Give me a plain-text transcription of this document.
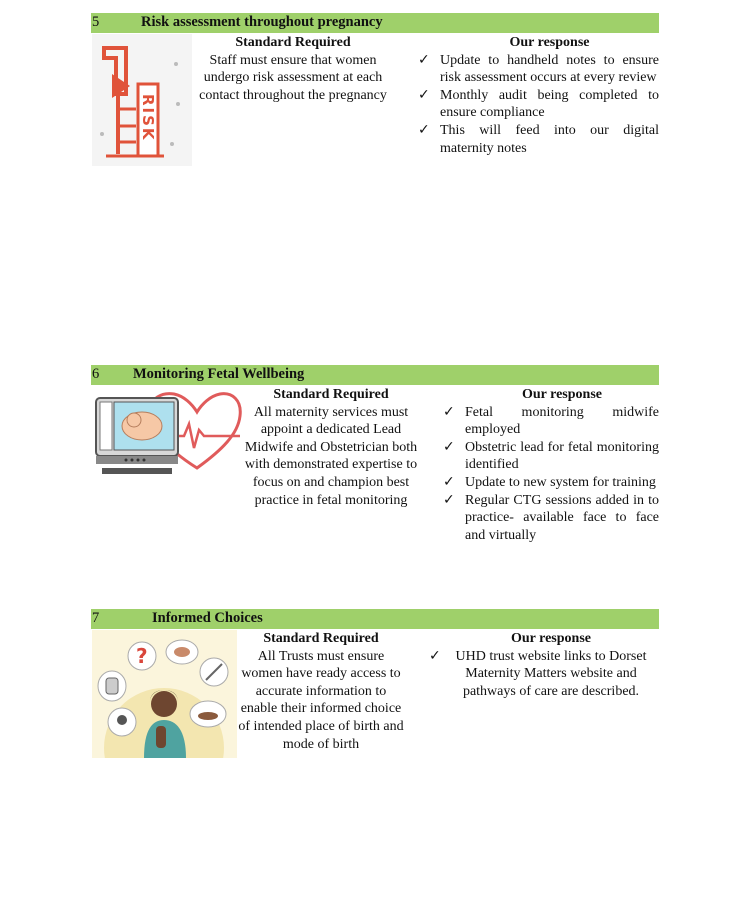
5	Risk assessment throughout pregnancy
RISK
Standard Required
Staff must ensure that women undergo risk assessment at each contact throughout the pregnancy
Our response
✓ Update to handheld notes to ensure risk assessment occurs at every review
✓ Monthly audit being completed to ensure compliance
✓ This will feed into our digital maternity notes
6 Monitoring Fetal Wellbeing
Standard Required
All maternity services must appoint a dedicated Lead Midwife and Obstetrician both with demonstrated expertise to focus on and champion best practice in fetal monitoring
Our response
✓ Fetal monitoring midwife employed
✓ Obstetric lead for fetal monitoring identified
✓ Update to new system for training
✓ Regular CTG sessions added in to practice- available face to face and virtually
7	Informed Choices
?
Standard Required
All Trusts must ensure women have ready access to accurate information to enable their informed choice of intended place of birth and mode of birth
Our response
✓ UHD trust website links to Dorset Maternity Matters website and pathways of care are described.
